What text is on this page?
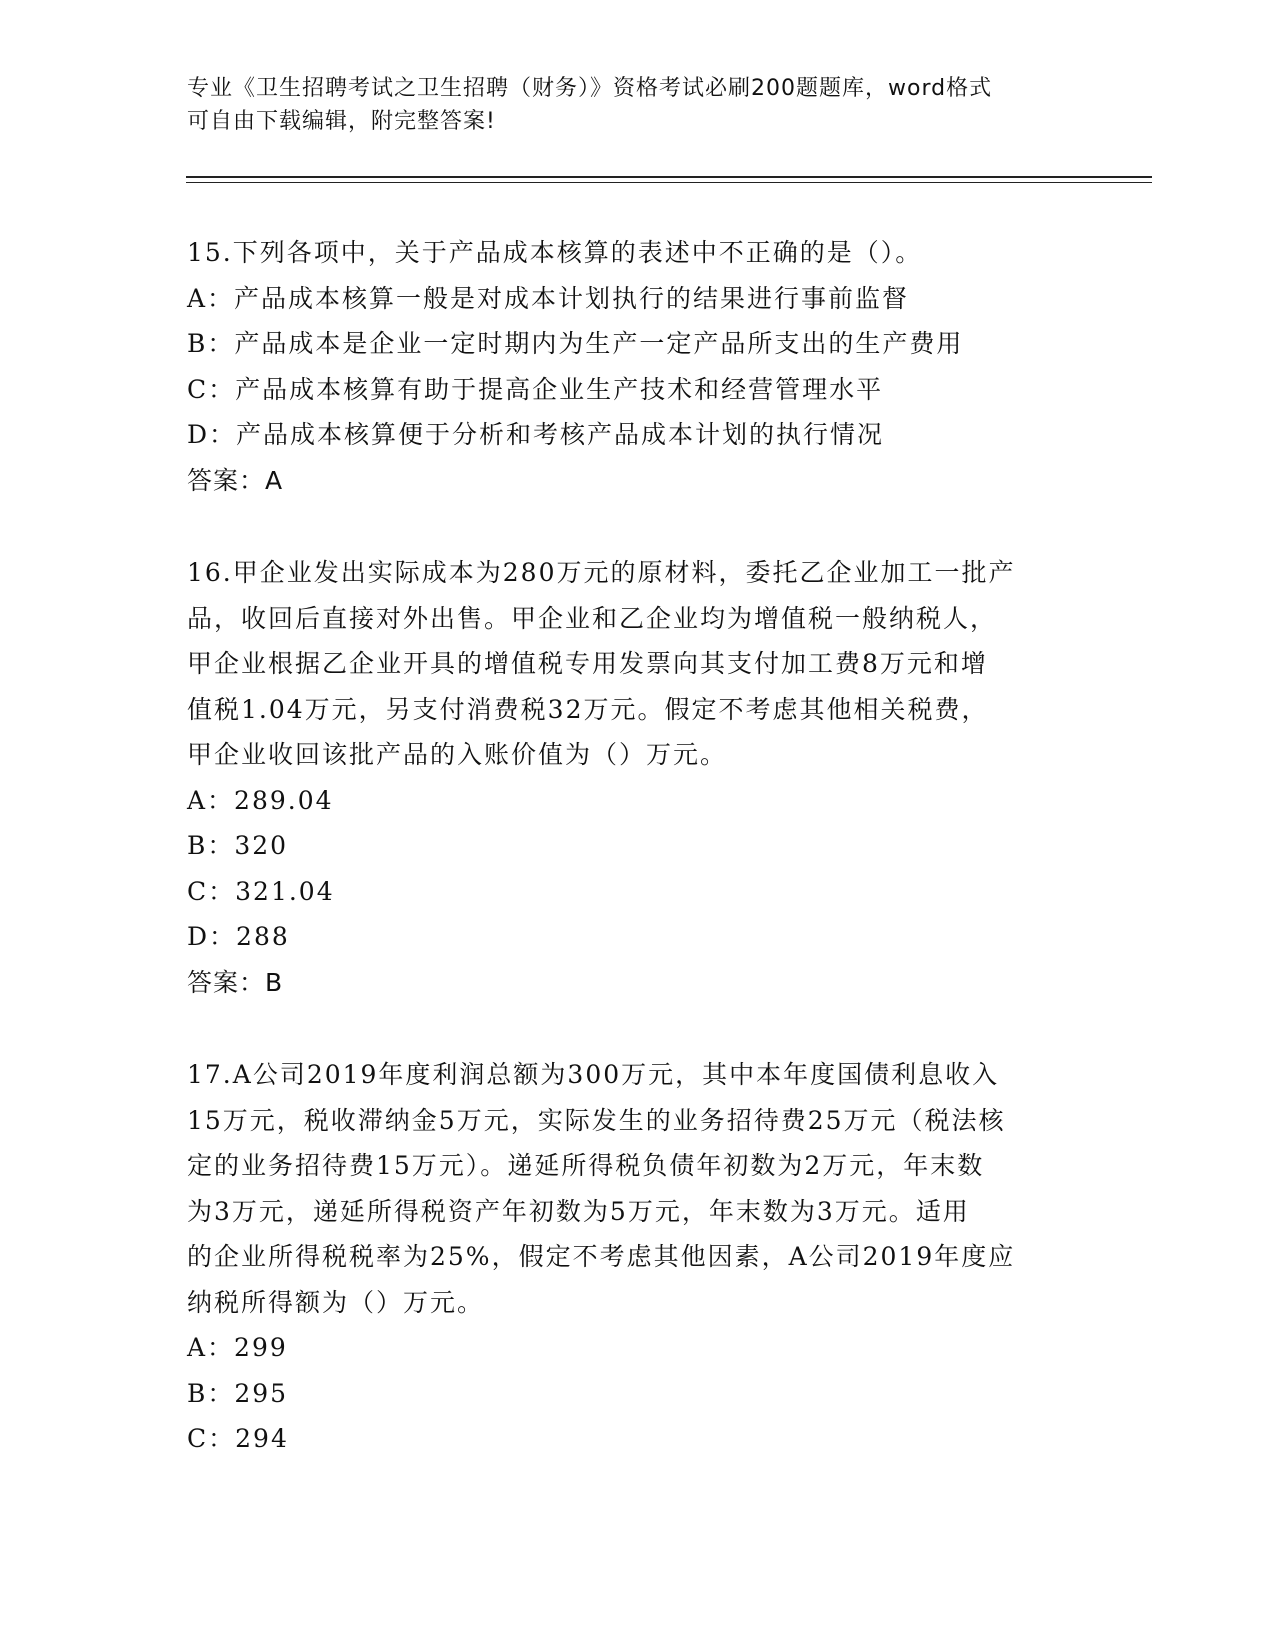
专业《卫生招聘考试之卫生招聘（财务）》资格考试必刷200题题库，word格式
可自由下载编辑，附完整答案!
15.下列各项中，关于产品成本核算的表述中不正确的是（）。
A：产品成本核算一般是对成本计划执行的结果进行事前监督
B：产品成本是企业一定时期内为生产一定产品所支出的生产费用
C：产品成本核算有助于提高企业生产技术和经营管理水平
D：产品成本核算便于分析和考核产品成本计划的执行情况
答案：A
16.甲企业发出实际成本为280万元的原材料，委托乙企业加工一批产
品，收回后直接对外出售。甲企业和乙企业均为增值税一般纳税人，
甲企业根据乙企业开具的增值税专用发票向其支付加工费8万元和增
值税1.04万元，另支付消费税32万元。假定不考虑其他相关税费，
甲企业收回该批产品的入账价值为（）万元。
A：289.04
B：320
C：321.04
D：288
答案：B
17.A公司2019年度利润总额为300万元，其中本年度国债利息收入
15万元，税收滞纳金5万元，实际发生的业务招待费25万元（税法核
定的业务招待费15万元）。递延所得税负债年初数为2万元，年末数
为3万元，递延所得税资产年初数为5万元，年末数为3万元。适用
的企业所得税税率为25%，假定不考虑其他因素，A公司2019年度应
纳税所得额为（）万元。
A：299
B：295
C：294
